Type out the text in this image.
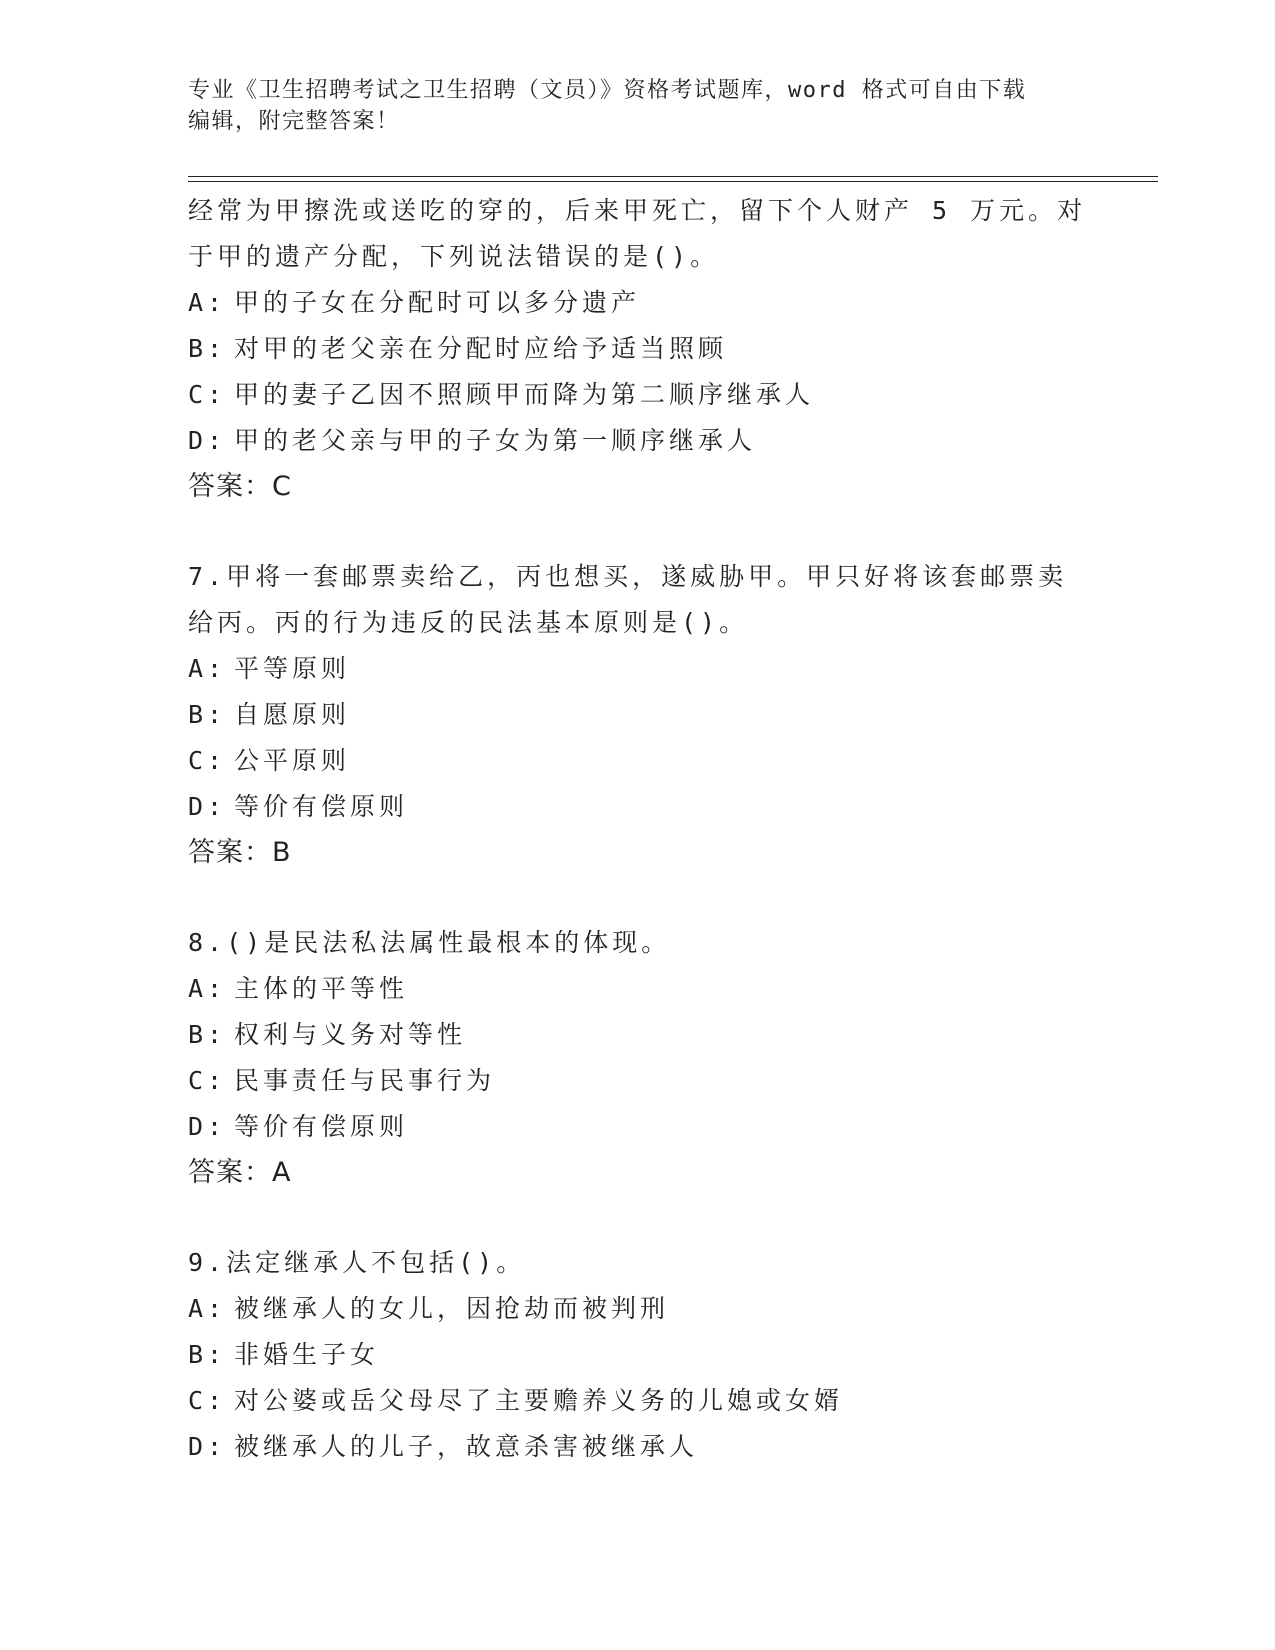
专业《卫生招聘考试之卫生招聘（文员）》资格考试题库，word 格式可自由下载
编辑，附完整答案！
经常为甲擦洗或送吃的穿的，后来甲死亡，留下个人财产 5 万元。对
于甲的遗产分配，下列说法错误的是()。
A: 甲的子女在分配时可以多分遗产
B: 对甲的老父亲在分配时应给予适当照顾
C: 甲的妻子乙因不照顾甲而降为第二顺序继承人
D: 甲的老父亲与甲的子女为第一顺序继承人
答案：C
7.甲将一套邮票卖给乙，丙也想买，遂威胁甲。甲只好将该套邮票卖
给丙。丙的行为违反的民法基本原则是()。
A: 平等原则
B: 自愿原则
C: 公平原则
D: 等价有偿原则
答案：B
8.()是民法私法属性最根本的体现。
A: 主体的平等性
B: 权利与义务对等性
C: 民事责任与民事行为
D: 等价有偿原则
答案：A
9.法定继承人不包括()。
A: 被继承人的女儿，因抢劫而被判刑
B: 非婚生子女
C: 对公婆或岳父母尽了主要赡养义务的儿媳或女婿
D: 被继承人的儿子，故意杀害被继承人
